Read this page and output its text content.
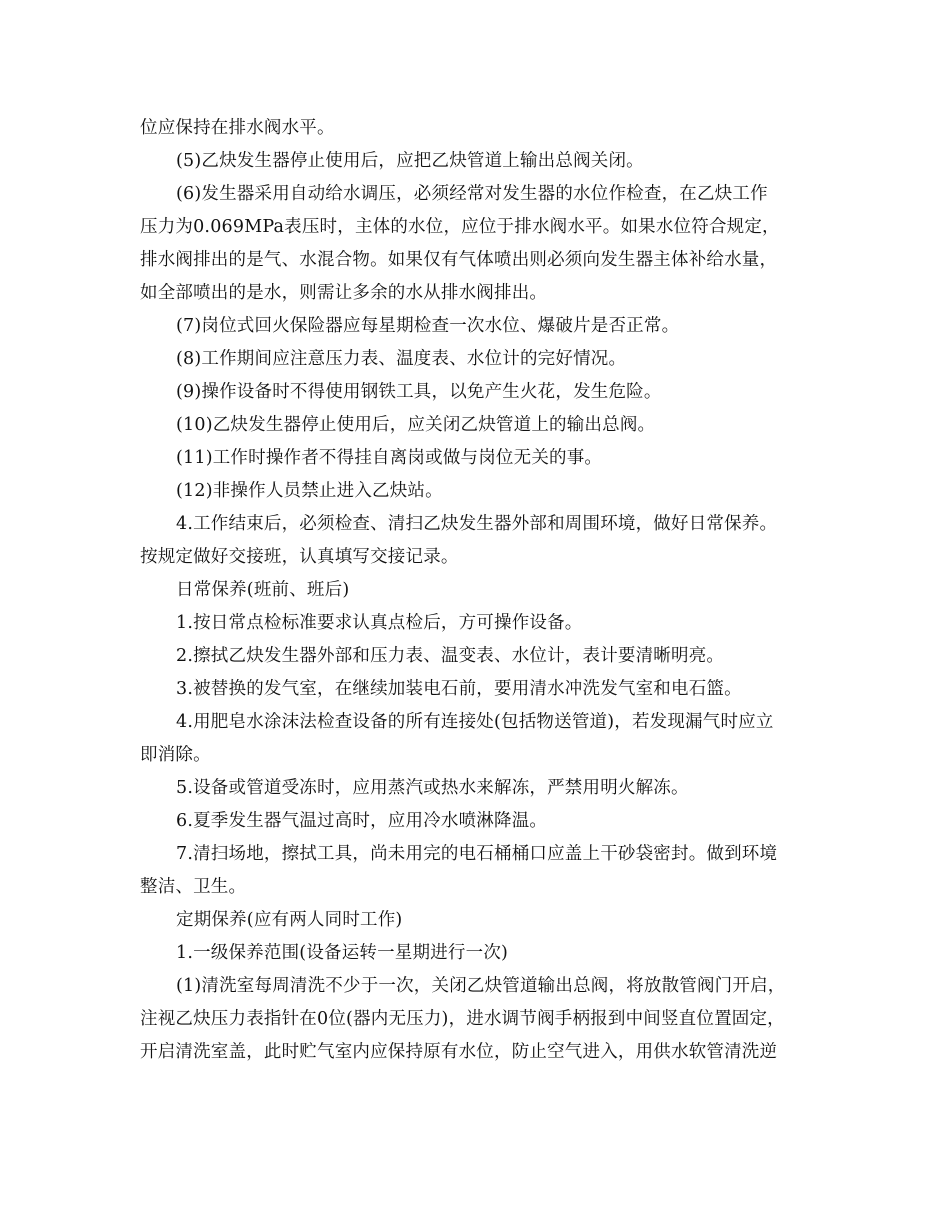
位应保持在排水阀水平。
(5)乙炔发生器停止使用后，应把乙炔管道上输出总阀关闭。
(6)发生器采用自动给水调压，必须经常对发生器的水位作检查，在乙炔工作
压力为0.069MPa表压时，主体的水位，应位于排水阀水平。如果水位符合规定，
排水阀排出的是气、水混合物。如果仅有气体喷出则必须向发生器主体补给水量，
如全部喷出的是水，则需让多余的水从排水阀排出。
(7)岗位式回火保险器应每星期检查一次水位、爆破片是否正常。
(8)工作期间应注意压力表、温度表、水位计的完好情况。
(9)操作设备时不得使用钢铁工具，以免产生火花，发生危险。
(10)乙炔发生器停止使用后，应关闭乙炔管道上的输出总阀。
(11)工作时操作者不得挂自离岗或做与岗位无关的事。
(12)非操作人员禁止进入乙炔站。
4.工作结束后，必须检查、清扫乙炔发生器外部和周围环境，做好日常保养。
按规定做好交接班，认真填写交接记录。
日常保养(班前、班后)
1.按日常点检标准要求认真点检后，方可操作设备。
2.擦拭乙炔发生器外部和压力表、温变表、水位计，表计要清晰明亮。
3.被替换的发气室，在继续加装电石前，要用清水冲洗发气室和电石篮。
4.用肥皂水涂沫法检查设备的所有连接处(包括物送管道)，若发现漏气时应立
即消除。
5.设备或管道受冻时，应用蒸汽或热水来解冻，严禁用明火解冻。
6.夏季发生器气温过高时，应用冷水喷淋降温。
7.清扫场地，擦拭工具，尚未用完的电石桶桶口应盖上干砂袋密封。做到环境
整洁、卫生。
定期保养(应有两人同时工作)
1.一级保养范围(设备运转一星期进行一次)
(1)清洗室每周清洗不少于一次，关闭乙炔管道输出总阀，将放散管阀门开启，
注视乙炔压力表指针在0位(器内无压力)，进水调节阀手柄报到中间竖直位置固定，
开启清洗室盖，此时贮气室内应保持原有水位，防止空气进入，用供水软管清洗逆
